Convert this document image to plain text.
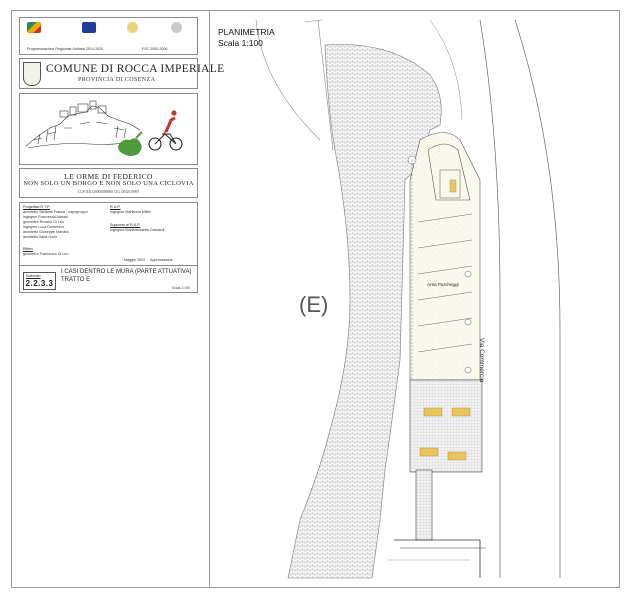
Programmazione Regionale Unitaria 2014-2020	FSC 2000-2006
COMUNE DI ROCCA IMPERIALE
PROVINCIA DI COSENZA
LE ORME DI FEDERICO
NON SOLO UN BORGO E NON SOLO UNA CICLOVIA
CUP D41J20000000000 CIG Z832019997
Progettisti R.T.P.
architetto Stefania Frasca - capogruppo
ingegner Francesca Adriani
geometra Rosario Di Leo
ingegner Luca Domenico
architetto Giuseppe Marotta
architetto Ilaria Grolo
R.U.P.
ingegner Marianna Militlo
Supporto al R.U.P.
ingegner Mariantonietta Cascardi
Rilievi
geometra Francesco Di Leo
Maggio 2022 Approvazione:
Elaborato
2.2.3.3
I CASI DENTRO LE MURA (PARTE ATTUATIVA)
TRATTO E
Scala 1:100
PLANIMETRIA
Scala 1:100
(E)
Area Parcheggi
Via Commercio
